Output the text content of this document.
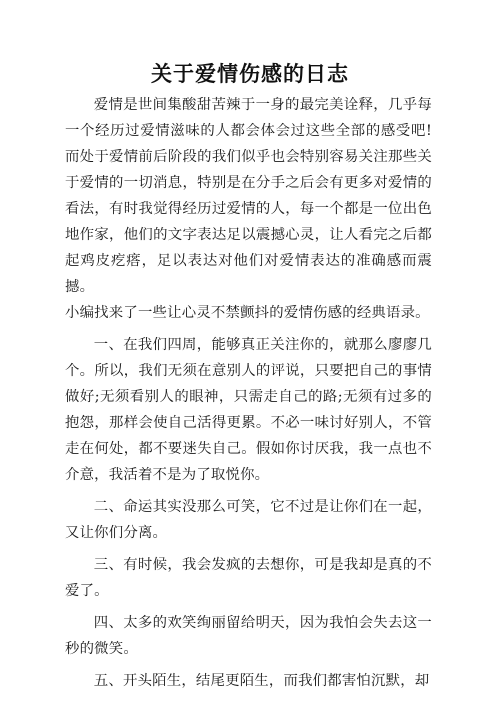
关于爱情伤感的日志

爱情是世间集酸甜苦辣于一身的最完美诠释，几乎每一个经历过爱情滋味的人都会体会过这些全部的感受吧!而处于爱情前后阶段的我们似乎也会特别容易关注那些关于爱情的一切消息，特别是在分手之后会有更多对爱情的看法，有时我觉得经历过爱情的人，每一个都是一位出色地作家，他们的文字表达足以震撼心灵，让人看完之后都起鸡皮疙瘩，足以表达对他们对爱情表达的准确感而震撼。

小编找来了一些让心灵不禁颤抖的爱情伤感的经典语录。

一、在我们四周，能够真正关注你的，就那么廖廖几个。所以，我们无须在意别人的评说，只要把自己的事情做好;无须看别人的眼神，只需走自己的路;无须有过多的抱怨，那样会使自己活得更累。不必一味讨好别人，不管走在何处，都不要迷失自己。假如你讨厌我，我一点也不介意，我活着不是为了取悦你。

二、命运其实没那么可笑，它不过是让你们在一起，又让你们分离。

三、有时候，我会发疯的去想你，可是我却是真的不爱了。

四、太多的欢笑绚丽留给明天，因为我怕会失去这一秒的微笑。

五、开头陌生，结尾更陌生，而我们都害怕沉默，却
